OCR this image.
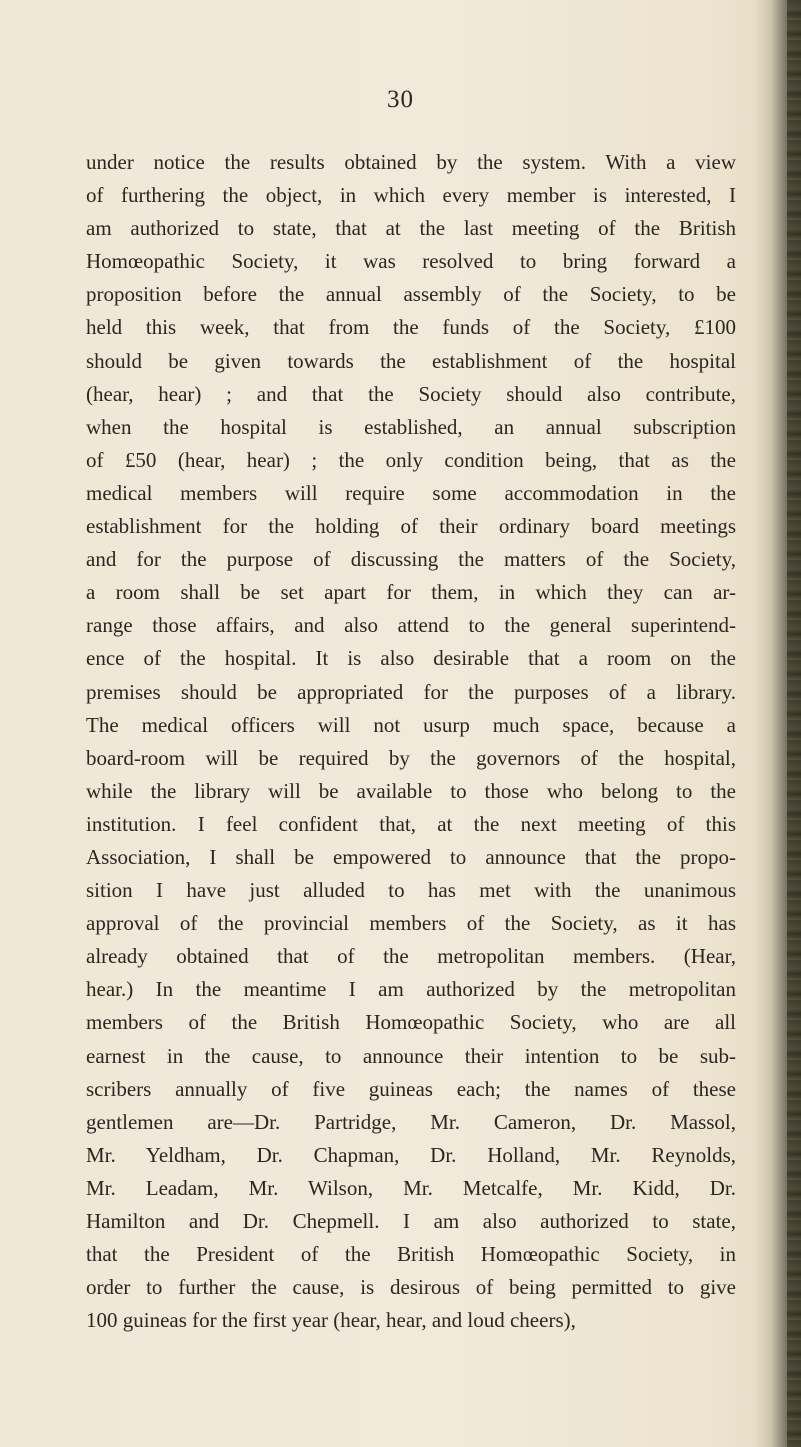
30
under notice the results obtained by the system. With a view
of furthering the object, in which every member is interested, I
am authorized to state, that at the last meeting of the British
Homœopathic Society, it was resolved to bring forward a
proposition before the annual assembly of the Society, to be
held this week, that from the funds of the Society, £100
should be given towards the establishment of the hospital
(hear, hear) ; and that the Society should also contribute,
when the hospital is established, an annual subscription
of £50 (hear, hear) ; the only condition being, that as the
medical members will require some accommodation in the
establishment for the holding of their ordinary board meetings
and for the purpose of discussing the matters of the Society,
a room shall be set apart for them, in which they can ar-
range those affairs, and also attend to the general superintend-
ence of the hospital. It is also desirable that a room on the
premises should be appropriated for the purposes of a library.
The medical officers will not usurp much space, because a
board-room will be required by the governors of the hospital,
while the library will be available to those who belong to the
institution. I feel confident that, at the next meeting of this
Association, I shall be empowered to announce that the propo-
sition I have just alluded to has met with the unanimous
approval of the provincial members of the Society, as it has
already obtained that of the metropolitan members. (Hear,
hear.) In the meantime I am authorized by the metropolitan
members of the British Homœopathic Society, who are all
earnest in the cause, to announce their intention to be sub-
scribers annually of five guineas each; the names of these
gentlemen are—Dr. Partridge, Mr. Cameron, Dr. Massol,
Mr. Yeldham, Dr. Chapman, Dr. Holland, Mr. Reynolds,
Mr. Leadam, Mr. Wilson, Mr. Metcalfe, Mr. Kidd, Dr.
Hamilton and Dr. Chepmell. I am also authorized to state,
that the President of the British Homœopathic Society, in
order to further the cause, is desirous of being permitted to give
100 guineas for the first year (hear, hear, and loud cheers),
